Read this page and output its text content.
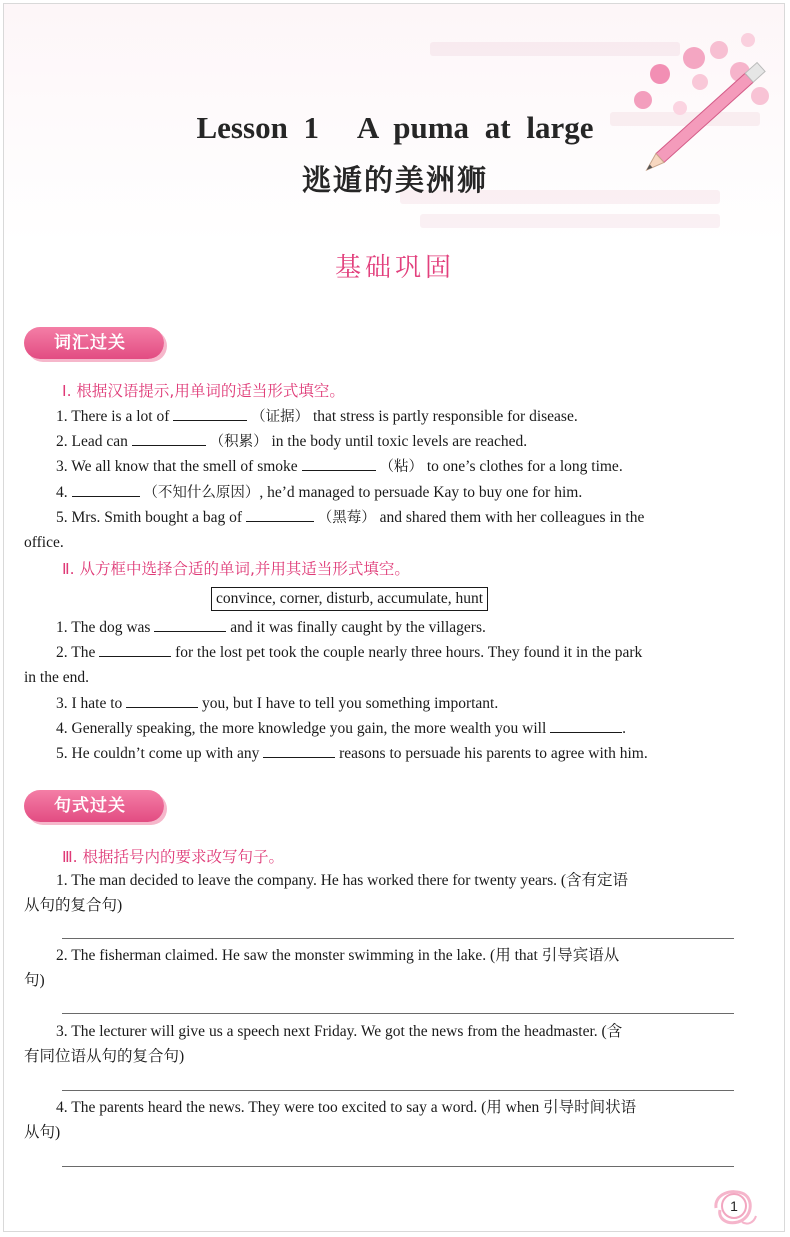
Lesson 1 A puma at large
逃遁的美洲狮
基础巩固
词汇过关
Ⅰ. 根据汉语提示,用单词的适当形式填空。
1. There is a lot of	（证据） that stress is partly responsible for disease.
2. Lead can	（积累） in the body until toxic levels are reached.
3. We all know that the smell of smoke	（粘） to one’s clothes for a long time.
4.	（不知什么原因）, he’d managed to persuade Kay to buy one for him.
5. Mrs. Smith bought a bag of	（黑莓） and shared them with her colleagues in the
office.
Ⅱ. 从方框中选择合适的单词,并用其适当形式填空。
convince, corner, disturb, accumulate, hunt
1. The dog was	and it was finally caught by the villagers.
2. The	for the lost pet took the couple nearly three hours. They found it in the park
in the end.
3. I hate to	you, but I have to tell you something important.
4. Generally speaking, the more knowledge you gain, the more wealth you will	.
5. He couldn’t come up with any	reasons to persuade his parents to agree with him.
句式过关
Ⅲ. 根据括号内的要求改写句子。
1. The man decided to leave the company. He has worked there for twenty years. (含有定语
从句的复合句)
2. The fisherman claimed. He saw the monster swimming in the lake. (用 that 引导宾语从
句)
3. The lecturer will give us a speech next Friday. We got the news from the headmaster. (含
有同位语从句的复合句)
4. The parents heard the news. They were too excited to say a word. (用 when 引导时间状语
从句)
1
